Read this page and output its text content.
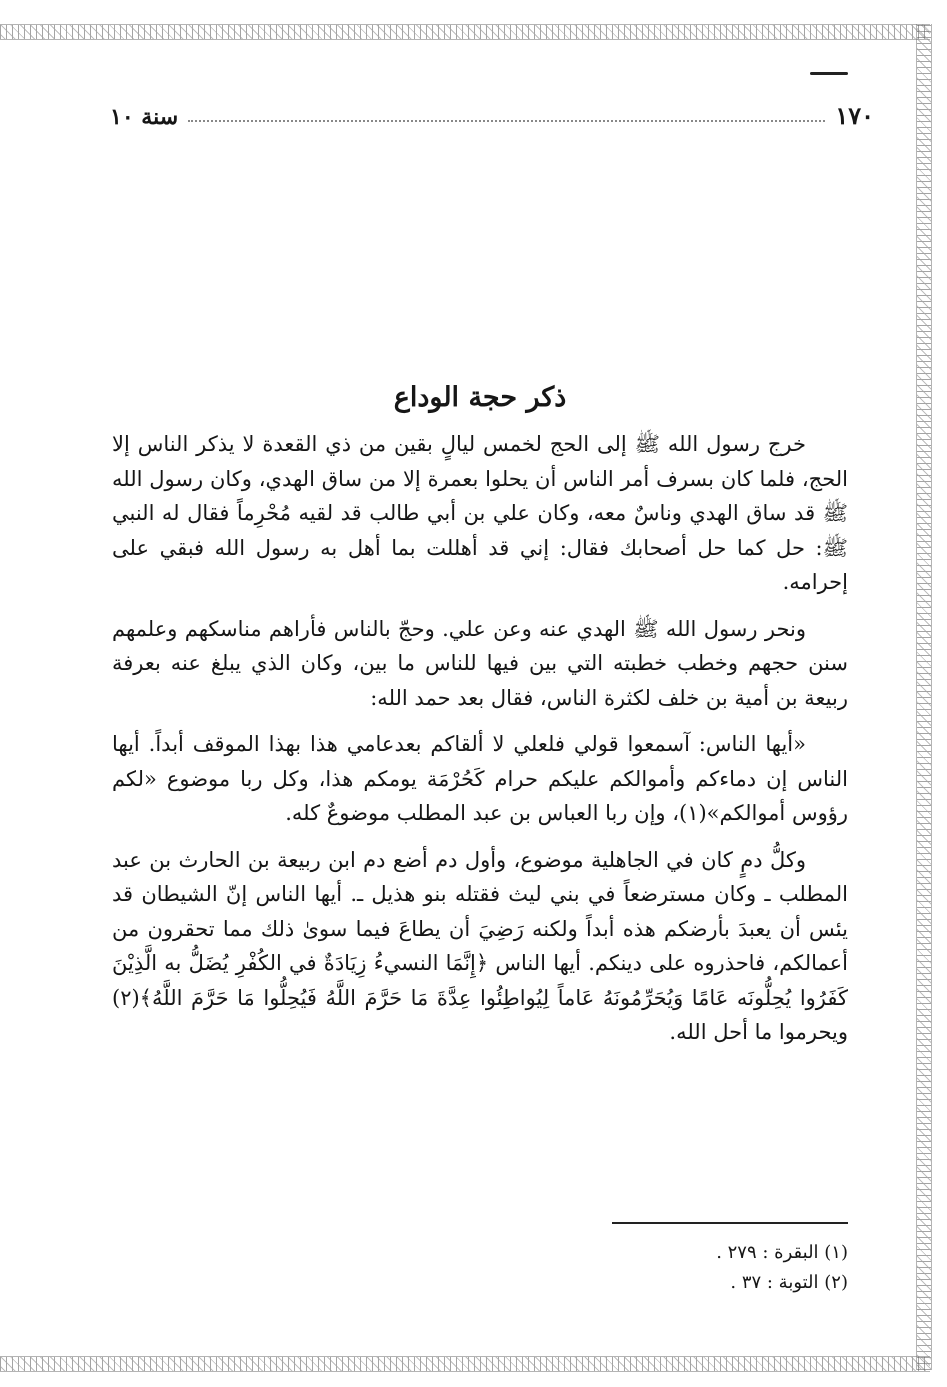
١٧٠
سنة ١٠
ذكر حجة الوداع

خرج رسول الله ﷺ إلى الحج لخمس ليالٍ بقين من ذي القعدة لا يذكر الناس إلا الحج، فلما كان بسرف أمر الناس أن يحلوا بعمرة إلا من ساق الهدي، وكان رسول الله ﷺ قد ساق الهدي وناسٌ معه، وكان علي بن أبي طالب قد لقيه مُحْرِماً فقال له النبي ﷺ: حل كما حل أصحابك فقال: إني قد أهللت بما أهل به رسول الله فبقي على إحرامه.

ونحر رسول الله ﷺ الهدي عنه وعن علي. وحجّ بالناس فأراهم مناسكهم وعلمهم سنن حجهم وخطب خطبته التي بين فيها للناس ما بين، وكان الذي يبلغ عنه بعرفة ربيعة بن أمية بن خلف لكثرة الناس، فقال بعد حمد الله:

«أيها الناس: آسمعوا قولي فلعلي لا ألقاكم بعدعامي هذا بهذا الموقف أبداً. أيها الناس إن دماءكم وأموالكم عليكم حرام كَحُرْمَة يومكم هذا، وكل ربا موضوع «لكم رؤوس أموالكم»(١)، وإن ربا العباس بن عبد المطلب موضوعٌ كله.

وكلُّ دمٍ كان في الجاهلية موضوع، وأول دم أضع دم ابن ربيعة بن الحارث بن عبد المطلب ـ وكان مسترضعاً في بني ليث فقتله بنو هذيل ـ. أيها الناس إنّ الشيطان قد يئس أن يعبدَ بأرضكم هذه أبداً ولكنه رَضِيَ أن يطاعَ فيما سوىٰ ذلك مما تحقرون من أعمالكم، فاحذروه على دينكم. أيها الناس ﴿إِنَّمَا النسيءُ زِيَادَةٌ في الكُفْرِ يُضَلُّ به الَّذِيْنَ كَفَرُوا يُحِلُّونَه عَامًا وَيُحَرِّمُونَهُ عَاماً لِيُواطِئُوا عِدَّةَ مَا حَرَّمَ اللَّهُ فَيُحِلُّوا مَا حَرَّمَ اللَّهُ﴾(٢) ويحرموا ما أحل الله.

(١) البقرة : ٢٧٩ .

(٢) التوبة : ٣٧ .
